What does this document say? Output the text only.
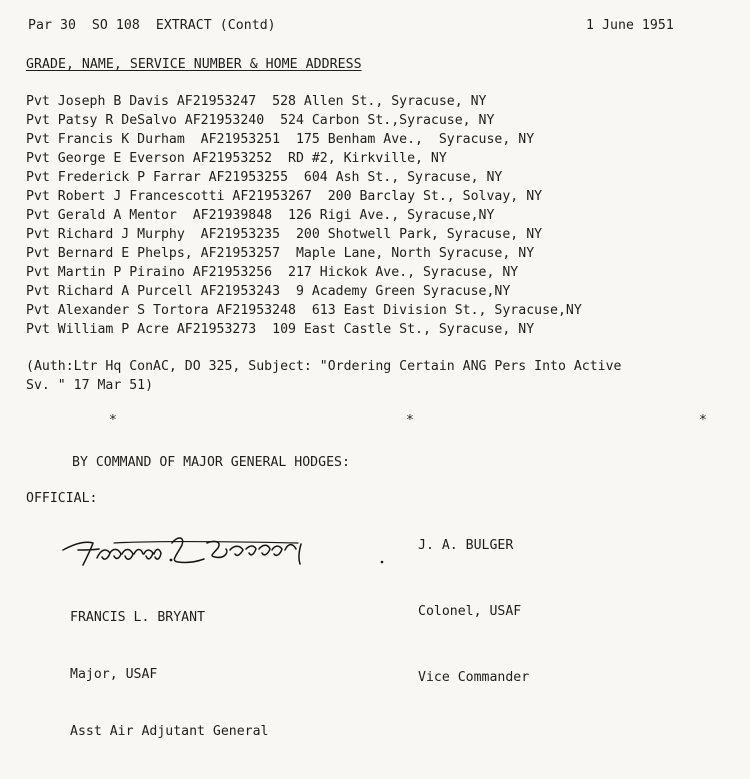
Par 30  SO 108  EXTRACT (Contd)	1 June 1951
GRADE, NAME, SERVICE NUMBER & HOME ADDRESS
Pvt Joseph B Davis AF21953247  528 Allen St., Syracuse, NY
Pvt Patsy R DeSalvo AF21953240  524 Carbon St.,Syracuse, NY
Pvt Francis K Durham  AF21953251  175 Benham Ave.,  Syracuse, NY
Pvt George E Everson AF21953252  RD #2, Kirkville, NY
Pvt Frederick P Farrar AF21953255  604 Ash St., Syracuse, NY
Pvt Robert J Francescotti AF21953267  200 Barclay St., Solvay, NY
Pvt Gerald A Mentor  AF21939848  126 Rigi Ave., Syracuse,NY
Pvt Richard J Murphy  AF21953235  200 Shotwell Park, Syracuse, NY
Pvt Bernard E Phelps, AF21953257  Maple Lane, North Syracuse, NY
Pvt Martin P Piraino AF21953256  217 Hickok Ave., Syracuse, NY
Pvt Richard A Purcell AF21953243  9 Academy Green Syracuse,NY
Pvt Alexander S Tortora AF21953248  613 East Division St., Syracuse,NY
Pvt William P Acre AF21953273  109 East Castle St., Syracuse, NY
(Auth:Ltr Hq ConAC, DO 325, Subject: "Ordering Certain ANG Pers Into Active
Sv. " 17 Mar 51)
*	*	*
BY COMMAND OF MAJOR GENERAL HODGES:
OFFICIAL:

J. A. BULGER

Colonel, USAF

Vice Commander

FRANCIS L. BRYANT

Major, USAF

Asst Air Adjutant General
